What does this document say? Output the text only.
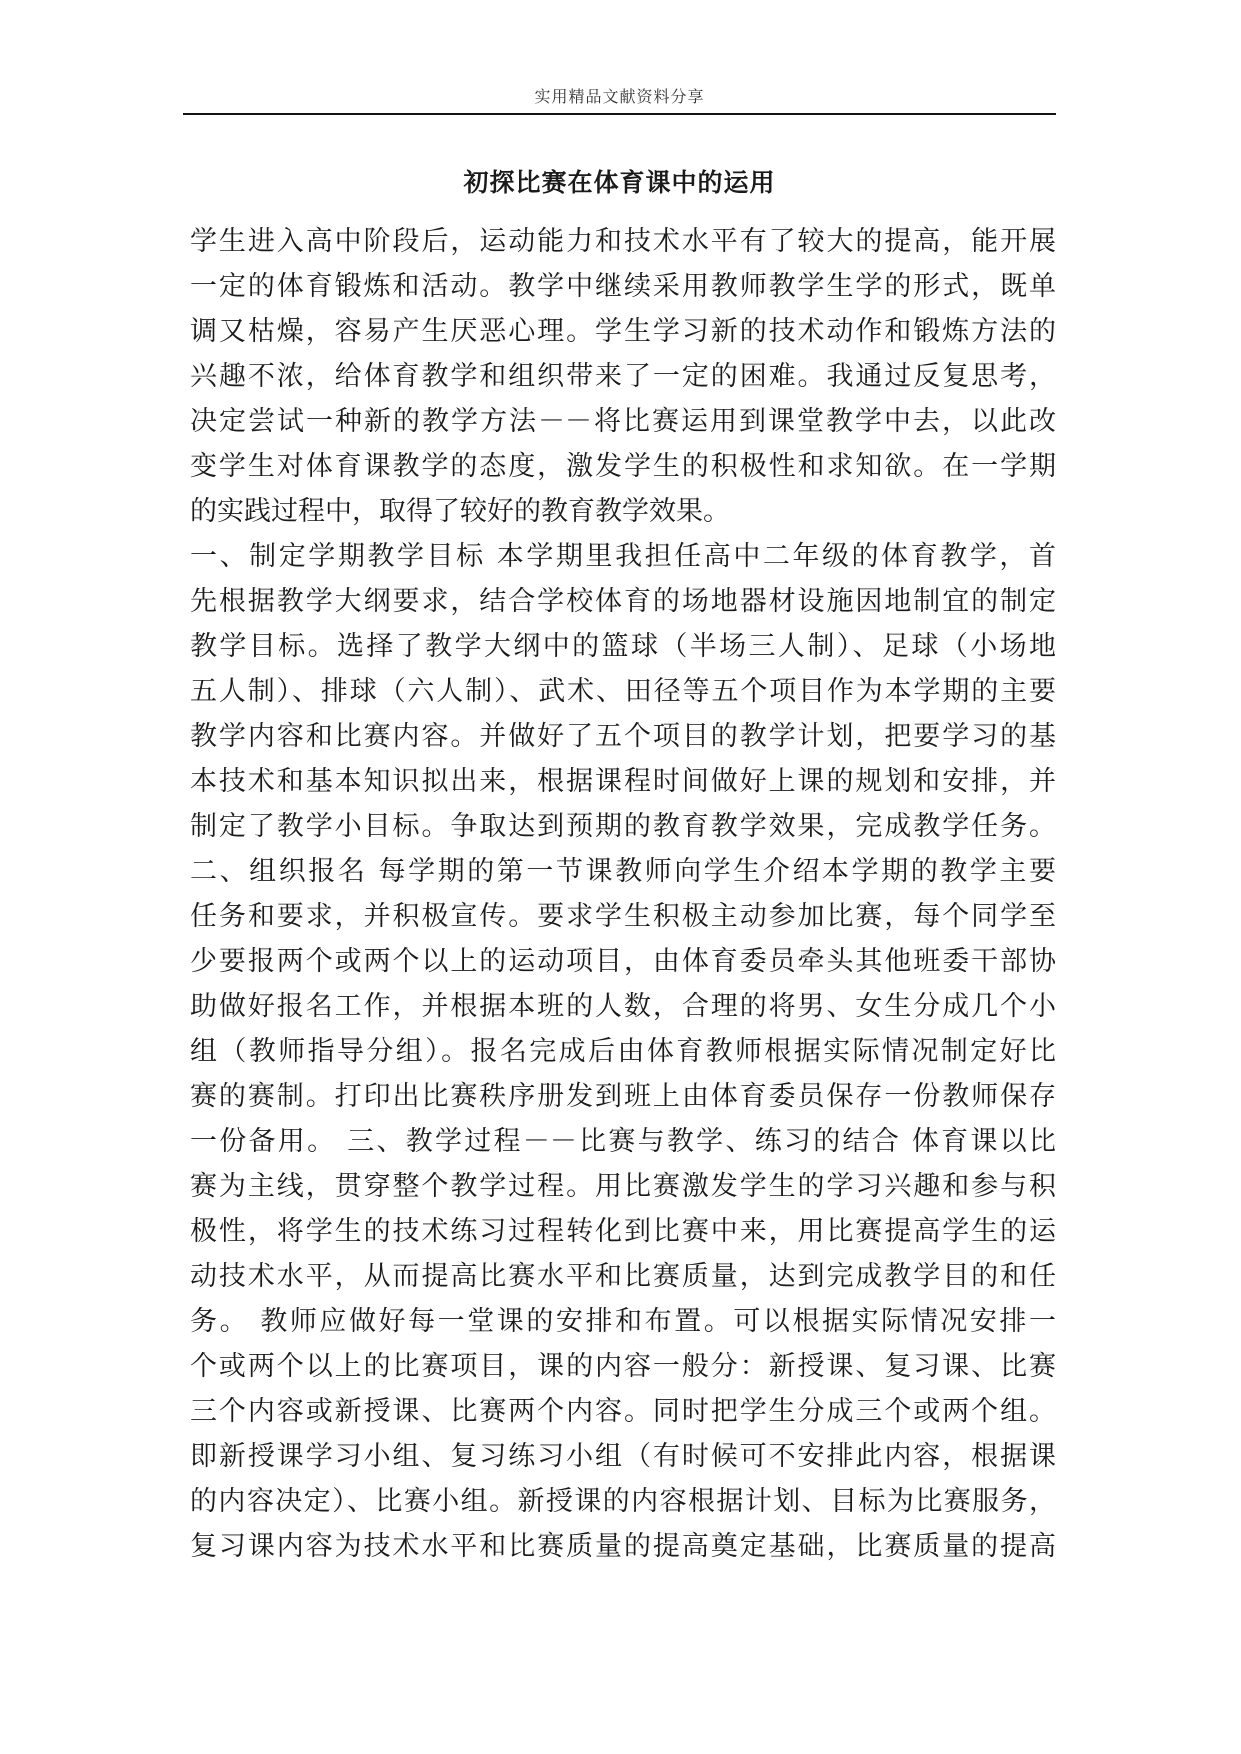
实用精品文献资料分享
初探比赛在体育课中的运用
学生进入高中阶段后，运动能力和技术水平有了较大的提高，能开展
一定的体育锻炼和活动。教学中继续采用教师教学生学的形式，既单
调又枯燥，容易产生厌恶心理。学生学习新的技术动作和锻炼方法的
兴趣不浓，给体育教学和组织带来了一定的困难。我通过反复思考，
决定尝试一种新的教学方法－－将比赛运用到课堂教学中去，以此改
变学生对体育课教学的态度，激发学生的积极性和求知欲。在一学期
的实践过程中，取得了较好的教育教学效果。
一、制定学期教学目标 本学期里我担任高中二年级的体育教学，首
先根据教学大纲要求，结合学校体育的场地器材设施因地制宜的制定
教学目标。选择了教学大纲中的篮球（半场三人制）、足球（小场地
五人制）、排球（六人制）、武术、田径等五个项目作为本学期的主要
教学内容和比赛内容。并做好了五个项目的教学计划，把要学习的基
本技术和基本知识拟出来，根据课程时间做好上课的规划和安排，并
制定了教学小目标。争取达到预期的教育教学效果，完成教学任务。
二、组织报名 每学期的第一节课教师向学生介绍本学期的教学主要
任务和要求，并积极宣传。要求学生积极主动参加比赛，每个同学至
少要报两个或两个以上的运动项目，由体育委员牵头其他班委干部协
助做好报名工作，并根据本班的人数，合理的将男、女生分成几个小
组（教师指导分组）。报名完成后由体育教师根据实际情况制定好比
赛的赛制。打印出比赛秩序册发到班上由体育委员保存一份教师保存
一份备用。 三、教学过程－－比赛与教学、练习的结合 体育课以比
赛为主线，贯穿整个教学过程。用比赛激发学生的学习兴趣和参与积
极性，将学生的技术练习过程转化到比赛中来，用比赛提高学生的运
动技术水平，从而提高比赛水平和比赛质量，达到完成教学目的和任
务。 教师应做好每一堂课的安排和布置。可以根据实际情况安排一
个或两个以上的比赛项目，课的内容一般分：新授课、复习课、比赛
三个内容或新授课、比赛两个内容。同时把学生分成三个或两个组。
即新授课学习小组、复习练习小组（有时候可不安排此内容，根据课
的内容决定）、比赛小组。新授课的内容根据计划、目标为比赛服务，
复习课内容为技术水平和比赛质量的提高奠定基础，比赛质量的提高
